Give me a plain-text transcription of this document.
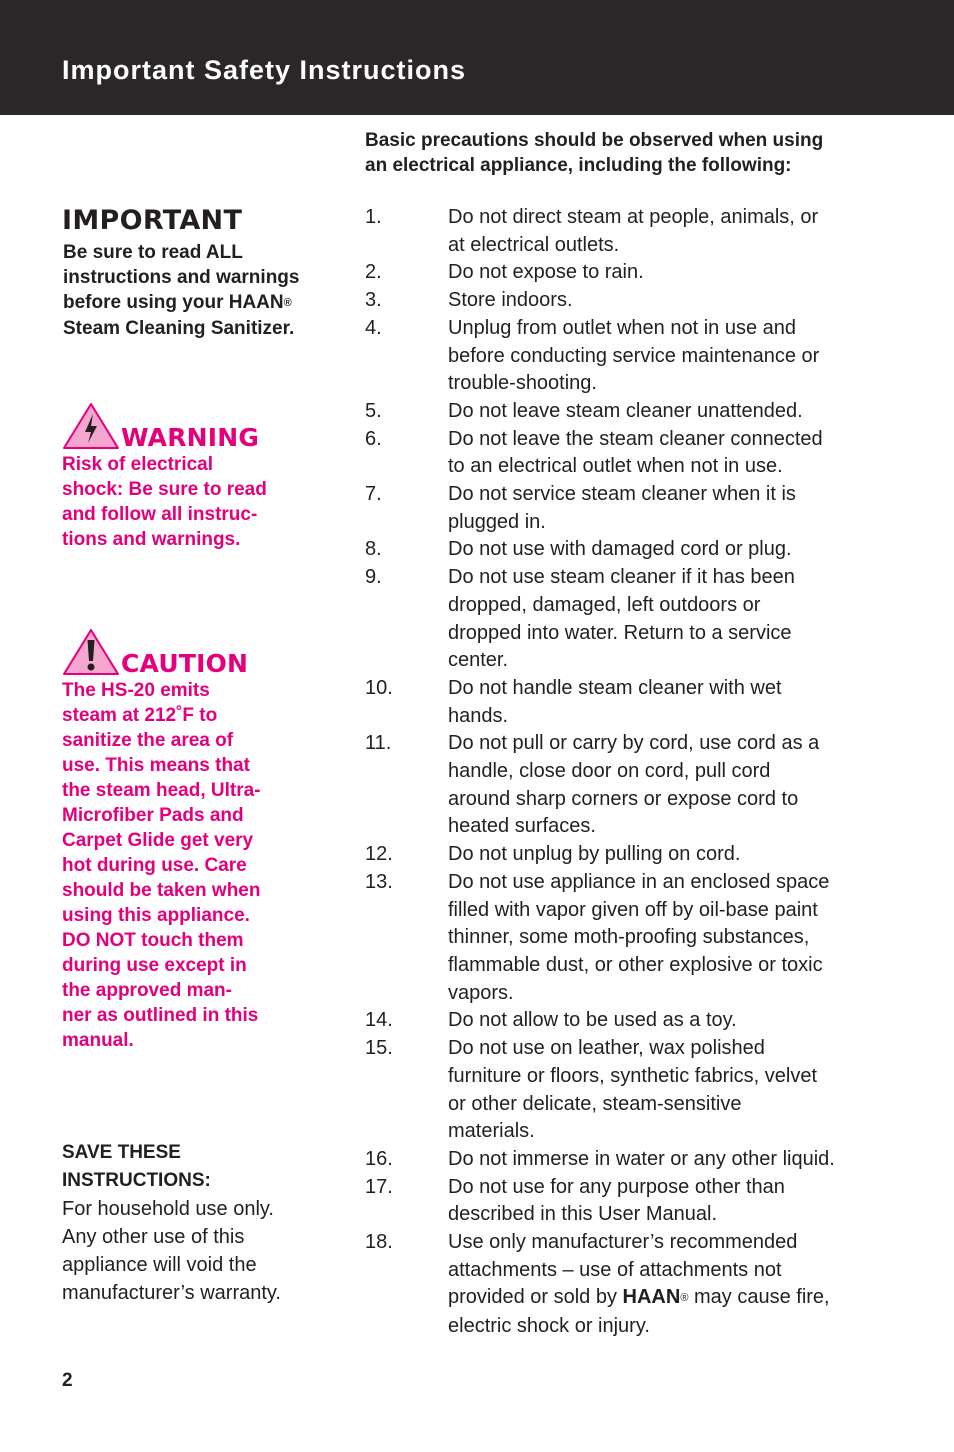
Important Safety Instructions
IMPORTANT

Be sure to read ALL
instructions and warnings
before using your HAAN®
Steam Cleaning Sanitizer.

WARNING

Risk of electrical
shock: Be sure to read
and follow all instruc-
tions and warnings.

CAUTION

The HS-20 emits
steam at 212˚F to
sanitize the area of
use. This means that
the steam head, Ultra-
Microfiber Pads and
Carpet Glide get very
hot during use. Care
should be taken when
using this appliance.
DO NOT touch them
during use except in
the approved man-
ner as outlined in this
manual.

SAVE THESE
INSTRUCTIONS:

For household use only.
Any other use of this
appliance will void the
manufacturer’s warranty.

Basic precautions should be observed when using
an electrical appliance, including the following:

1.	Do not direct steam at people, animals, or
at electrical outlets.
2.	Do not expose to rain.
3.	Store indoors.
4.	Unplug from outlet when not in use and
before conducting service maintenance or
trouble-shooting.
5.	Do not leave steam cleaner unattended.
6.	Do not leave the steam cleaner connected
to an electrical outlet when not in use.
7.	Do not service steam cleaner when it is
plugged in.
8.	Do not use with damaged cord or plug.
9.	Do not use steam cleaner if it has been
dropped, damaged, left outdoors or
dropped into water. Return to a service
center.
10.	Do not handle steam cleaner with wet
hands.
11.	Do not pull or carry by cord, use cord as a
handle, close door on cord, pull cord
around sharp corners or expose cord to
heated surfaces.
12.	Do not unplug by pulling on cord.
13.	Do not use appliance in an enclosed space
filled with vapor given off by oil-base paint
thinner, some moth-proofing substances,
flammable dust, or other explosive or toxic
vapors.
14.	Do not allow to be used as a toy.
15.	Do not use on leather, wax polished
furniture or floors, synthetic fabrics, velvet
or other delicate, steam-sensitive
materials.
16.	Do not immerse in water or any other liquid.
17.	Do not use for any purpose other than
described in this User Manual.
18.	Use only manufacturer’s recommended
attachments – use of attachments not
provided or sold by HAAN® may cause fire,
electric shock or injury.

2
